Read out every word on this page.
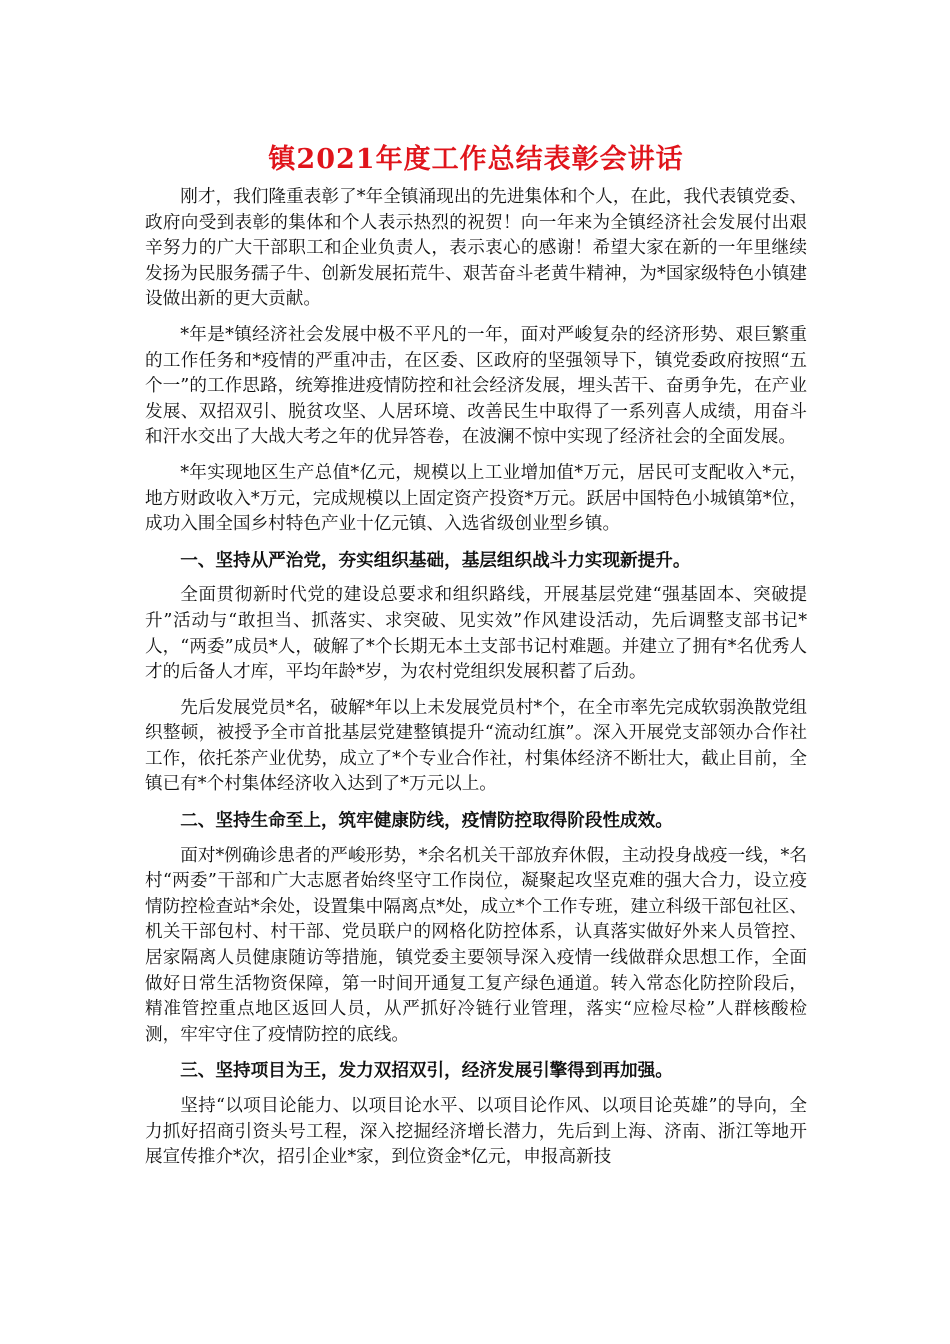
镇2021年度工作总结表彰会讲话

刚才，我们隆重表彰了*年全镇涌现出的先进集体和个人，在此，我代表镇党委、政府向受到表彰的集体和个人表示热烈的祝贺！向一年来为全镇经济社会发展付出艰辛努力的广大干部职工和企业负责人，表示衷心的感谢！希望大家在新的一年里继续发扬为民服务孺子牛、创新发展拓荒牛、艰苦奋斗老黄牛精神，为*国家级特色小镇建设做出新的更大贡献。

*年是*镇经济社会发展中极不平凡的一年，面对严峻复杂的经济形势、艰巨繁重的工作任务和*疫情的严重冲击，在区委、区政府的坚强领导下，镇党委政府按照“五个一”的工作思路，统筹推进疫情防控和社会经济发展，埋头苦干、奋勇争先，在产业发展、双招双引、脱贫攻坚、人居环境、改善民生中取得了一系列喜人成绩，用奋斗和汗水交出了大战大考之年的优异答卷，在波澜不惊中实现了经济社会的全面发展。

*年实现地区生产总值*亿元，规模以上工业增加值*万元，居民可支配收入*元，地方财政收入*万元，完成规模以上固定资产投资*万元。跃居中国特色小城镇第*位，成功入围全国乡村特色产业十亿元镇、入选省级创业型乡镇。

一、坚持从严治党，夯实组织基础，基层组织战斗力实现新提升。

全面贯彻新时代党的建设总要求和组织路线，开展基层党建“强基固本、突破提升”活动与“敢担当、抓落实、求突破、见实效”作风建设活动，先后调整支部书记*人，“两委”成员*人，破解了*个长期无本土支部书记村难题。并建立了拥有*名优秀人才的后备人才库，平均年龄*岁，为农村党组织发展积蓄了后劲。

先后发展党员*名，破解*年以上未发展党员村*个，在全市率先完成软弱涣散党组织整顿，被授予全市首批基层党建整镇提升“流动红旗”。深入开展党支部领办合作社工作，依托茶产业优势，成立了*个专业合作社，村集体经济不断壮大，截止目前，全镇已有*个村集体经济收入达到了*万元以上。

二、坚持生命至上，筑牢健康防线，疫情防控取得阶段性成效。

面对*例确诊患者的严峻形势，*余名机关干部放弃休假，主动投身战疫一线，*名村“两委”干部和广大志愿者始终坚守工作岗位，凝聚起攻坚克难的强大合力，设立疫情防控检查站*余处，设置集中隔离点*处，成立*个工作专班，建立科级干部包社区、机关干部包村、村干部、党员联户的网格化防控体系，认真落实做好外来人员管控、居家隔离人员健康随访等措施，镇党委主要领导深入疫情一线做群众思想工作，全面做好日常生活物资保障，第一时间开通复工复产绿色通道。转入常态化防控阶段后，精准管控重点地区返回人员，从严抓好冷链行业管理，落实“应检尽检”人群核酸检测，牢牢守住了疫情防控的底线。

三、坚持项目为王，发力双招双引，经济发展引擎得到再加强。

坚持“以项目论能力、以项目论水平、以项目论作风、以项目论英雄”的导向，全力抓好招商引资头号工程，深入挖掘经济增长潜力，先后到上海、济南、浙江等地开展宣传推介*次，招引企业*家，到位资金*亿元，申报高新技
